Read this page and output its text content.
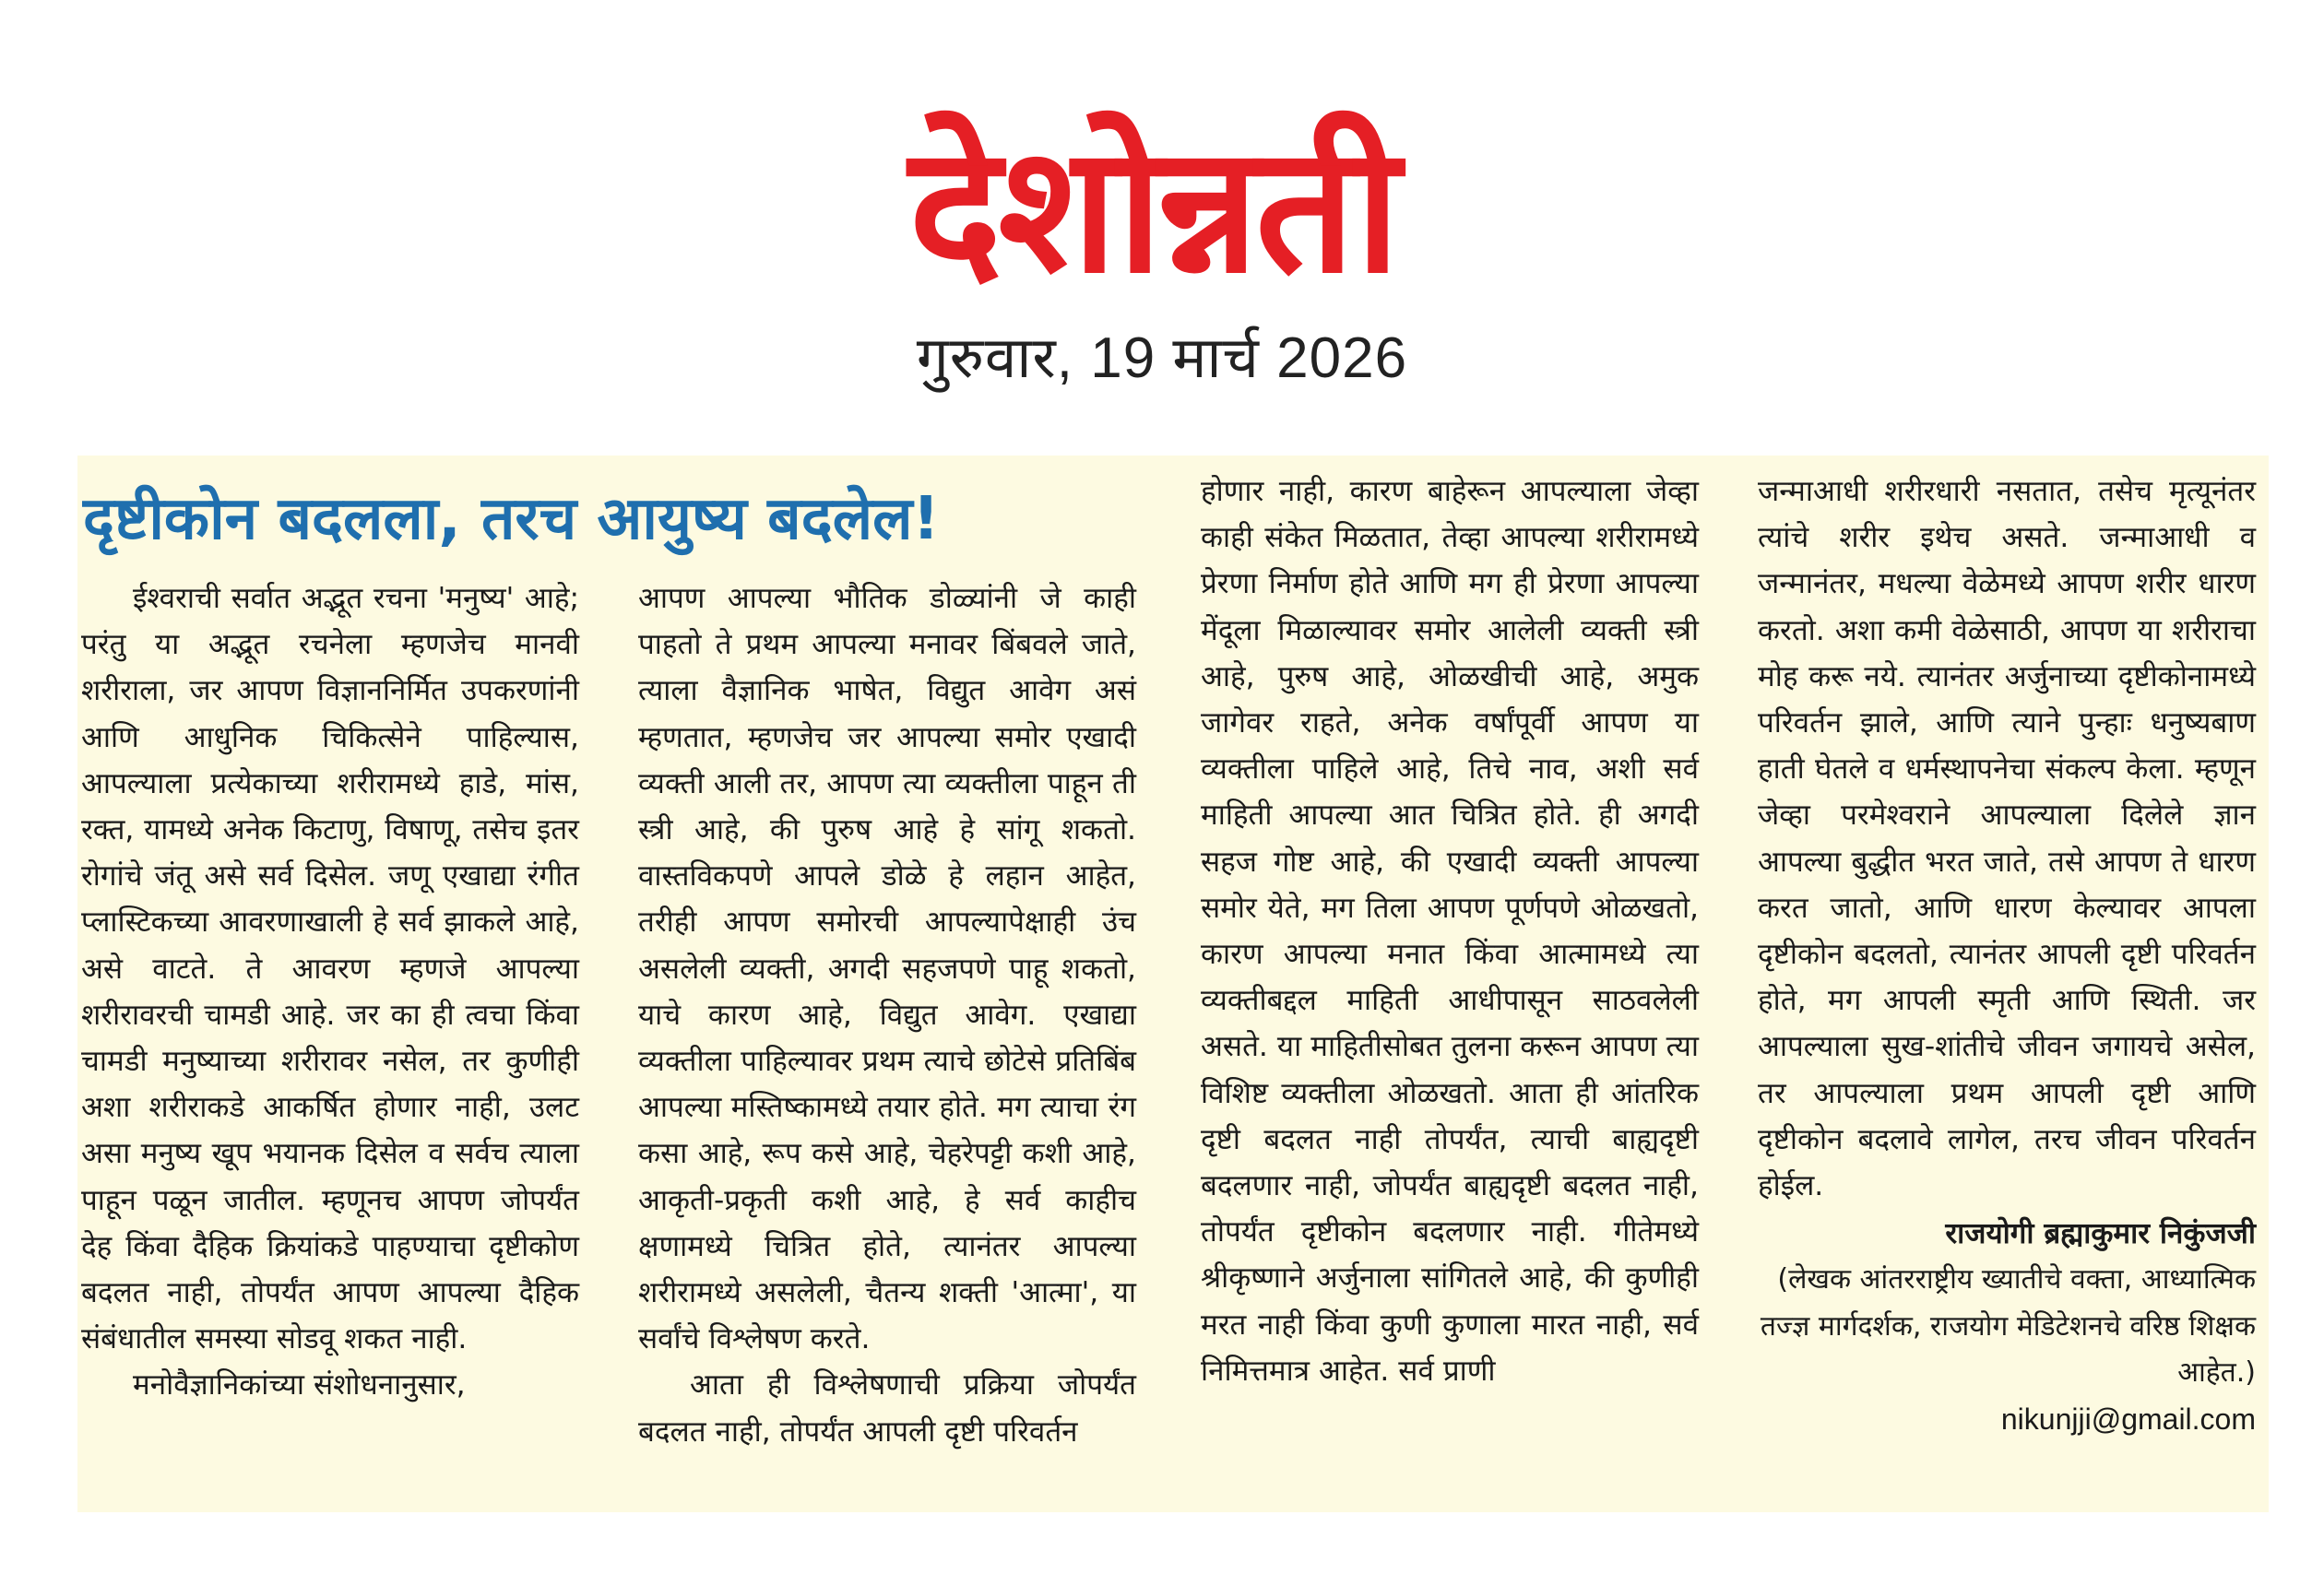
देशोन्नती
गुरुवार, 19 मार्च 2026
दृष्टीकोन बदलला, तरच आयुष्य बदलेल!

ईश्वराची सर्वात अद्भूत रचना 'मनुष्य' आहे; परंतु या अद्भूत रचनेला म्हणजेच मानवी शरीराला, जर आपण विज्ञाननिर्मित उपकरणांनी आणि आधुनिक चिकित्सेने पाहिल्यास, आपल्याला प्रत्येकाच्या शरीरामध्ये हाडे, मांस, रक्त, यामध्ये अनेक किटाणु, विषाणू, तसेच इतर रोगांचे जंतू असे सर्व दिसेल. जणू एखाद्या रंगीत प्लास्टिकच्या आवरणाखाली हे सर्व झाकले आहे, असे वाटते. ते आवरण म्हणजे आपल्या शरीरावरची चामडी आहे. जर का ही त्वचा किंवा चामडी मनुष्याच्या शरीरावर नसेल, तर कुणीही अशा शरीराकडे आकर्षित होणार नाही, उलट असा मनुष्य खूप भयानक दिसेल व सर्वच त्याला पाहून पळून जातील. म्हणूनच आपण जोपर्यंत देह किंवा दैहिक क्रियांकडे पाहण्याचा दृष्टीकोण बदलत नाही, तोपर्यंत आपण आपल्या दैहिक संबंधातील समस्या सोडवू शकत नाही.

मनोवैज्ञानिकांच्या संशोधनानुसार,

आपण आपल्या भौतिक डोळ्यांनी जे काही पाहतो ते प्रथम आपल्या मनावर बिंबवले जाते, त्याला वैज्ञानिक भाषेत, विद्युत आवेग असं म्हणतात, म्हणजेच जर आपल्या समोर एखादी व्यक्ती आली तर, आपण त्या व्यक्तीला पाहून ती स्त्री आहे, की पुरुष आहे हे सांगू शकतो. वास्तविकपणे आपले डोळे हे लहान आहेत, तरीही आपण समोरची आपल्यापेक्षाही उंच असलेली व्यक्ती, अगदी सहजपणे पाहू शकतो, याचे कारण आहे, विद्युत आवेग. एखाद्या व्यक्तीला पाहिल्यावर प्रथम त्याचे छोटेसे प्रतिबिंब आपल्या मस्तिष्कामध्ये तयार होते. मग त्याचा रंग कसा आहे, रूप कसे आहे, चेहरेपट्टी कशी आहे, आकृती-प्रकृती कशी आहे, हे सर्व काहीच क्षणामध्ये चित्रित होते, त्यानंतर आपल्या शरीरामध्ये असलेली, चैतन्य शक्ती 'आत्मा', या सर्वांचे विश्लेषण करते.

आता ही विश्लेषणाची प्रक्रिया जोपर्यंत बदलत नाही, तोपर्यंत आपली दृष्टी परिवर्तन

होणार नाही, कारण बाहेरून आपल्याला जेव्हा काही संकेत मिळतात, तेव्हा आपल्या शरीरामध्ये प्रेरणा निर्माण होते आणि मग ही प्रेरणा आपल्या मेंदूला मिळाल्यावर समोर आलेली व्यक्ती स्त्री आहे, पुरुष आहे, ओळखीची आहे, अमुक जागेवर राहते, अनेक वर्षांपूर्वी आपण या व्यक्तीला पाहिले आहे, तिचे नाव, अशी सर्व माहिती आपल्या आत चित्रित होते. ही अगदी सहज गोष्ट आहे, की एखादी व्यक्ती आपल्या समोर येते, मग तिला आपण पूर्णपणे ओळखतो, कारण आपल्या मनात किंवा आत्मामध्ये त्या व्यक्तीबद्दल माहिती आधीपासून साठवलेली असते. या माहितीसोबत तुलना करून आपण त्या विशिष्ट व्यक्तीला ओळखतो. आता ही आंतरिक दृष्टी बदलत नाही तोपर्यंत, त्याची बाह्यदृष्टी बदलणार नाही, जोपर्यंत बाह्यदृष्टी बदलत नाही, तोपर्यंत दृष्टीकोन बदलणार नाही. गीतेमध्ये श्रीकृष्णाने अर्जुनाला सांगितले आहे, की कुणीही मरत नाही किंवा कुणी कुणाला मारत नाही, सर्व निमित्तमात्र आहेत. सर्व प्राणी

जन्माआधी शरीरधारी नसतात, तसेच मृत्यूनंतर त्यांचे शरीर इथेच असते. जन्माआधी व जन्मानंतर, मधल्या वेळेमध्ये आपण शरीर धारण करतो. अशा कमी वेळेसाठी, आपण या शरीराचा मोह करू नये. त्यानंतर अर्जुनाच्या दृष्टीकोनामध्ये परिवर्तन झाले, आणि त्याने पुन्हाः धनुष्यबाण हाती घेतले व धर्मस्थापनेचा संकल्प केला. म्हणून जेव्हा परमेश्वराने आपल्याला दिलेले ज्ञान आपल्या बुद्धीत भरत जाते, तसे आपण ते धारण करत जातो, आणि धारण केल्यावर आपला दृष्टीकोन बदलतो, त्यानंतर आपली दृष्टी परिवर्तन होते, मग आपली स्मृती आणि स्थिती. जर आपल्याला सुख-शांतीचे जीवन जगायचे असेल, तर आपल्याला प्रथम आपली दृष्टी आणि दृष्टीकोन बदलावे लागेल, तरच जीवन परिवर्तन होईल.

राजयोगी ब्रह्माकुमार निकुंजजी

(लेखक आंतरराष्ट्रीय ख्यातीचे वक्ता, आध्यात्मिक तज्ज्ञ मार्गदर्शक, राजयोग मेडिटेशनचे वरिष्ठ शिक्षक आहेत.)

nikunjji@gmail.com
